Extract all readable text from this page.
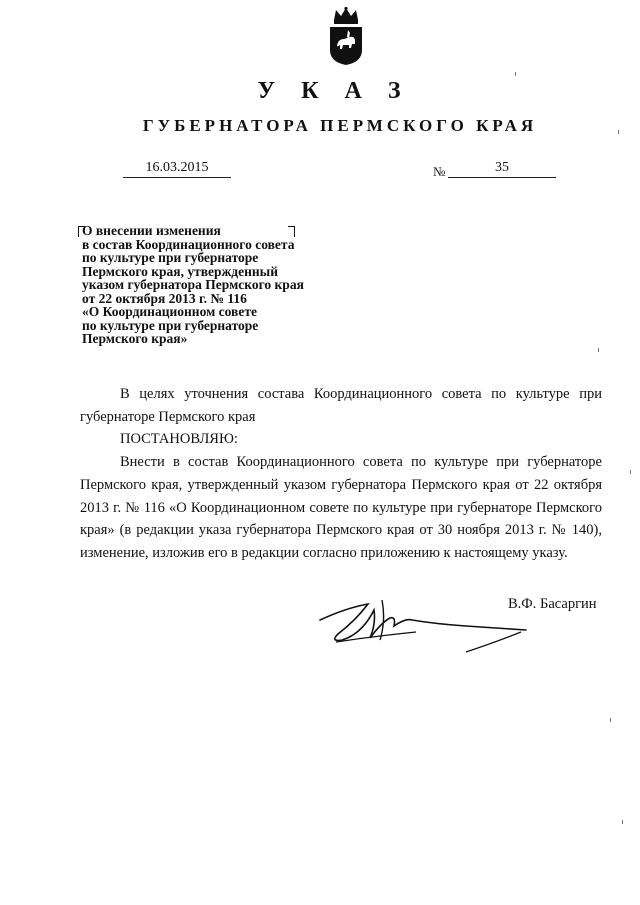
У К А З
ГУБЕРНАТОРА ПЕРМСКОГО КРАЯ
16.03.2015	№	35
О внесении изменения
в состав Координационного совета
по культуре при губернаторе
Пермского края, утвержденный
указом губернатора Пермского края
от 22 октября 2013 г. № 116
«О Координационном совете
по культуре при губернаторе
Пермского края»

В целях уточнения состава Координационного совета по культуре при губернаторе Пермского края

ПОСТАНОВЛЯЮ:

Внести в состав Координационного совета по культуре при губернаторе Пермского края, утвержденный указом губернатора Пермского края от 22 октября 2013 г. № 116 «О Координационном совете по культуре при губернаторе Пермского края» (в редакции указа губернатора Пермского края от 30 ноября 2013 г. № 140), изменение, изложив его в редакции согласно приложению к настоящему указу.

В.Ф. Басаргин
